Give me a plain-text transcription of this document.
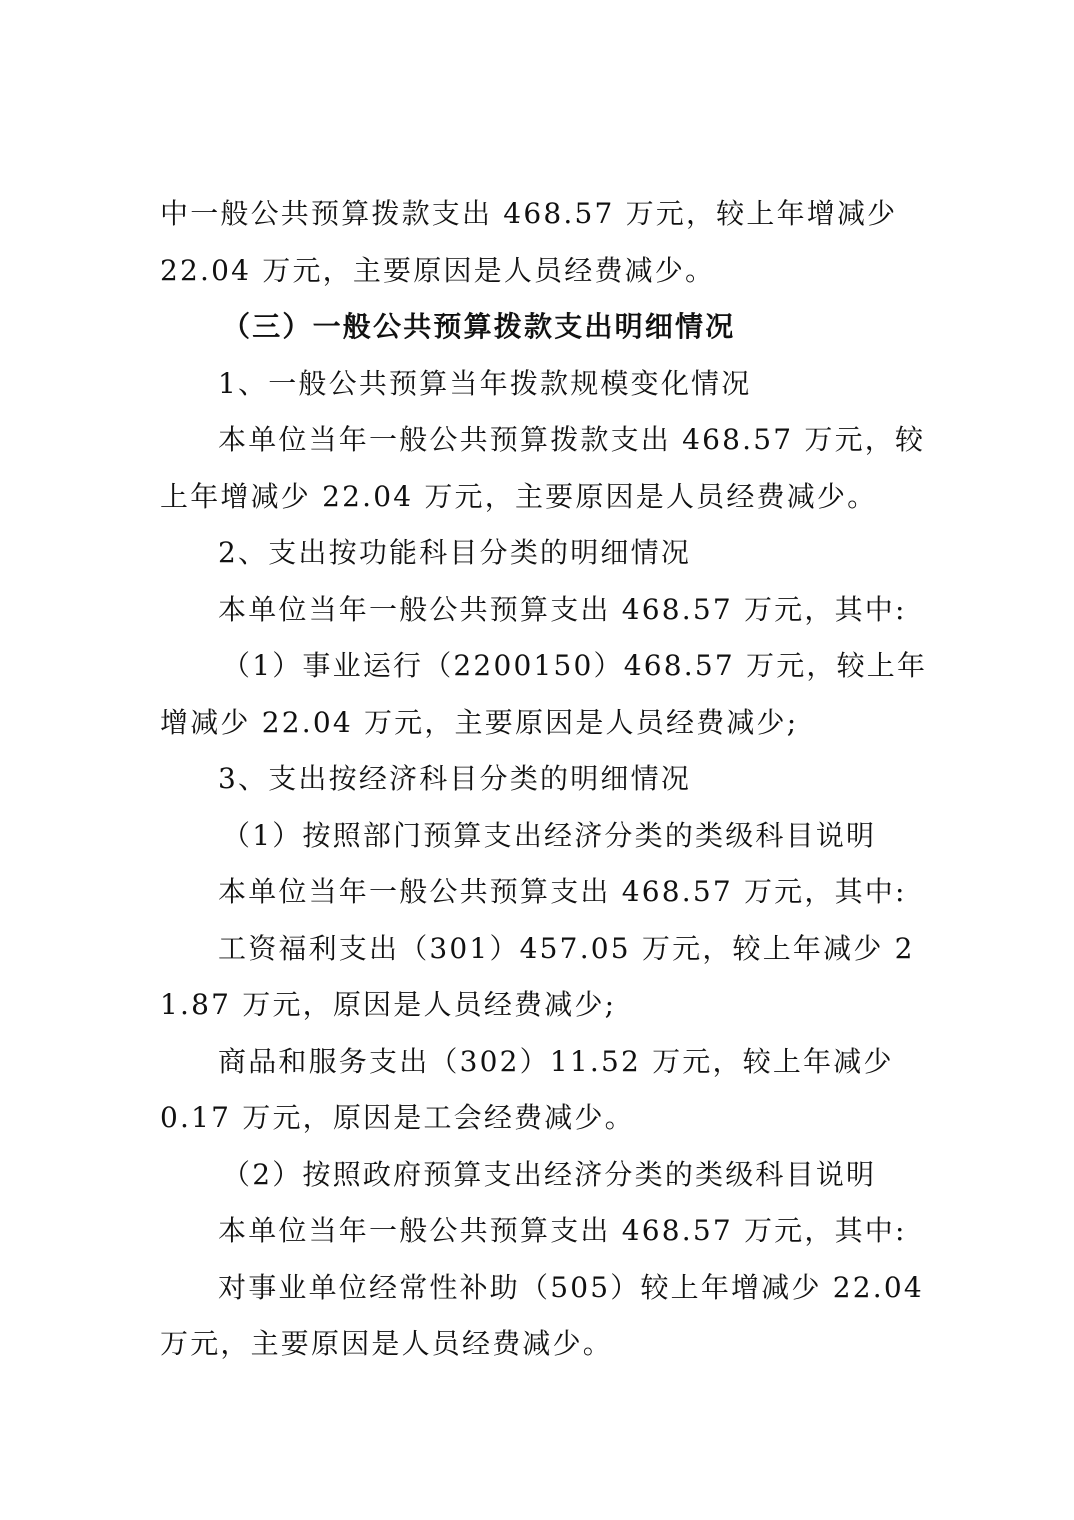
中一般公共预算拨款支出 468.57 万元，较上年增减少 22.04 万元，主要原因是人员经费减少。

（三）一般公共预算拨款支出明细情况

1、一般公共预算当年拨款规模变化情况

本单位当年一般公共预算拨款支出 468.57 万元，较上年增减少 22.04 万元，主要原因是人员经费减少。

2、支出按功能科目分类的明细情况

本单位当年一般公共预算支出 468.57 万元，其中:

（1）事业运行（2200150）468.57 万元，较上年增减少 22.04 万元，主要原因是人员经费减少;

3、支出按经济科目分类的明细情况

（1）按照部门预算支出经济分类的类级科目说明

本单位当年一般公共预算支出 468.57 万元，其中:

工资福利支出（301）457.05 万元，较上年减少 21.87 万元，原因是人员经费减少;

商品和服务支出（302）11.52 万元，较上年减少 0.17 万元，原因是工会经费减少。

（2）按照政府预算支出经济分类的类级科目说明

本单位当年一般公共预算支出 468.57 万元，其中:

对事业单位经常性补助（505）较上年增减少 22.04 万元，主要原因是人员经费减少。
